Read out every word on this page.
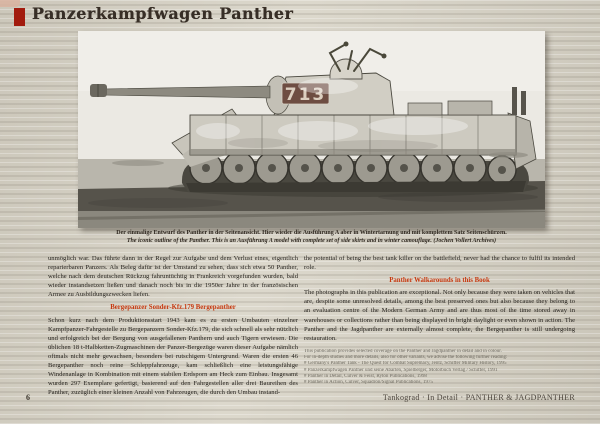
Panzerkampfwagen Panther
713
Der einmalige Entwurf des Panther in der Seitenansicht. Hier wieder die Ausführung A aber in Wintertarnung und mit komplettem Satz Seitenschürzen.
The iconic outline of the Panther. This is an Ausführung A model with complete set of side skirts and in winter camouflage. (Jochen Vollert Archives)

unmöglich war. Das führte dann in der Regel zur Aufgabe und dem Verlust eines, eigentlich reparierbaren Panzers. Als Beleg dafür ist der Umstand zu sehen, dass sich etwa 50 Panther, welche nach dem deutschen Rückzug fahruntüchtig in Frankreich vorgefunden wurden, bald wieder instandsetzen ließen und danach noch bis in die 1950er Jahre in der französischen Armee zu Ausbildungszwecken liefen.

Bergepanzer Sonder-Kfz.179 Bergepanther

Schon kurz nach dem Produktionsstart 1943 kam es zu ersten Umbauten einzelner Kampfpanzer-Fahrgestelle zu Bergepanzern Sonder-Kfz.179, die sich schnell als sehr nützlich und erfolgreich bei der Bergung von ausgefallenen Panthern und auch Tigern erwiesen. Die üblichen 18 t-Halbketten-Zugmaschinen der Panzer-Bergezüge waren dieser Aufgabe nämlich oftmals nicht mehr gewachsen, besonders bei rutschigem Untergrund. Waren die ersten 46 Bergepanther noch reine Schleppfahrzeuge, kam schließlich eine leistungsfähige Windenanlage in Kombination mit einem stabilen Erdsporn am Heck zum Einbau. Insgesamt wurden 297 Exemplare gefertigt, basierend auf den Fahrgestellen aller drei Baureihen des Panther, zuzüglich einer kleinen Anzahl von Fahrzeugen, die durch den Umbau instand-

the potential of being the best tank killer on the battlefield, never had the chance to fulfil its intended role.

Panther Walkarounds in this Book

The photographs in this publication are exceptional. Not only because they were taken on vehicles that are, despite some unresolved details, among the best preserved ones but also because they belong to an evaluation centre of the Modern German Army and are thus most of the time stored away in warehouses or collections rather than being displayed in bright daylight or even shown in action. The Panther and the Jagdpanther are externally almost complete, the Bergepanther is still undergoing restauration.

This publication provides selected coverage on the Panther and Jagdpanther in detail and in colour.
For in-depth studies and more details, also for other variants, we advise the following further reading:
# Germany's Panther Tank - The Quest for Combat Supremacy, Jentz, Schiffer Military History, 1995
# Panzerkampfwagen Panther und seine Abarten, Spielberger, Motorbuch Verlag / Schiffer, 1991
# Panther in Detail, Culver & Feist, Ryton Publications, 1998
# Panther in Action, Culver, Squadron/Signal Publications, 1975
6	Tankograd · In Detail · PANTHER & JAGDPANTHER
